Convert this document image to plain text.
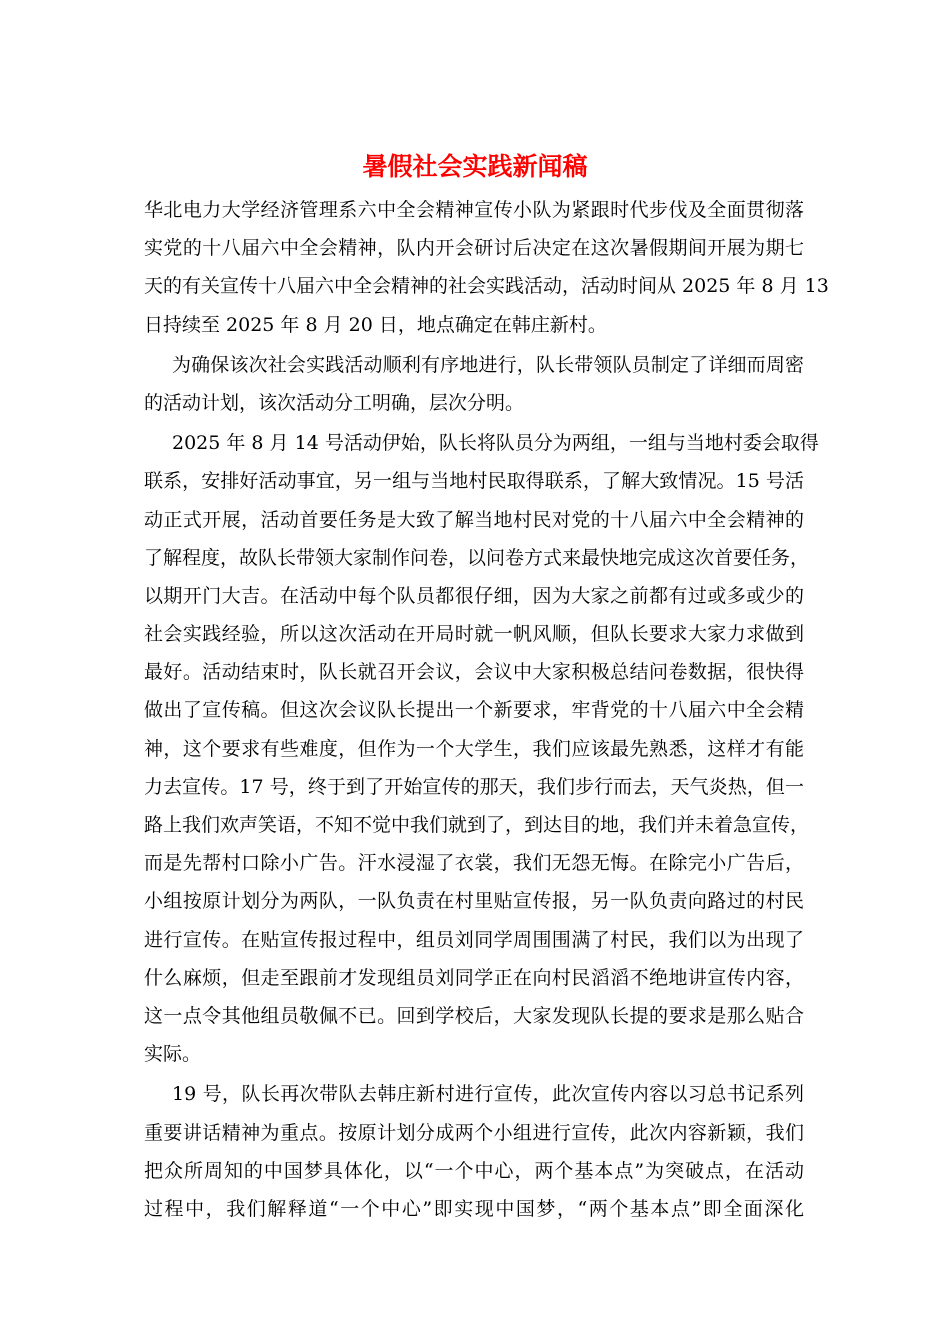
暑假社会实践新闻稿
华北电力大学经济管理系六中全会精神宣传小队为紧跟时代步伐及全面贯彻落
实党的十八届六中全会精神，队内开会研讨后决定在这次暑假期间开展为期七
天的有关宣传十八届六中全会精神的社会实践活动，活动时间从 2025 年 8 月 13
日持续至 2025 年 8 月 20 日，地点确定在韩庄新村。
为确保该次社会实践活动顺利有序地进行，队长带领队员制定了详细而周密
的活动计划，该次活动分工明确，层次分明。
2025 年 8 月 14 号活动伊始，队长将队员分为两组，一组与当地村委会取得
联系，安排好活动事宜，另一组与当地村民取得联系，了解大致情况。15 号活
动正式开展，活动首要任务是大致了解当地村民对党的十八届六中全会精神的
了解程度，故队长带领大家制作问卷，以问卷方式来最快地完成这次首要任务，
以期开门大吉。在活动中每个队员都很仔细，因为大家之前都有过或多或少的
社会实践经验，所以这次活动在开局时就一帆风顺，但队长要求大家力求做到
最好。活动结束时，队长就召开会议，会议中大家积极总结问卷数据，很快得
做出了宣传稿。但这次会议队长提出一个新要求，牢背党的十八届六中全会精
神，这个要求有些难度，但作为一个大学生，我们应该最先熟悉，这样才有能
力去宣传。17 号，终于到了开始宣传的那天，我们步行而去，天气炎热，但一
路上我们欢声笑语，不知不觉中我们就到了，到达目的地，我们并未着急宣传，
而是先帮村口除小广告。汗水浸湿了衣裳，我们无怨无悔。在除完小广告后，
小组按原计划分为两队，一队负责在村里贴宣传报，另一队负责向路过的村民
进行宣传。在贴宣传报过程中，组员刘同学周围围满了村民，我们以为出现了
什么麻烦，但走至跟前才发现组员刘同学正在向村民滔滔不绝地讲宣传内容，
这一点令其他组员敬佩不已。回到学校后，大家发现队长提的要求是那么贴合
实际。
19 号，队长再次带队去韩庄新村进行宣传，此次宣传内容以习总书记系列
重要讲话精神为重点。按原计划分成两个小组进行宣传，此次内容新颖，我们
把众所周知的中国梦具体化，以“一个中心，两个基本点”为突破点，在活动
过程中，我们解释道“一个中心”即实现中国梦，“两个基本点”即全面深化
